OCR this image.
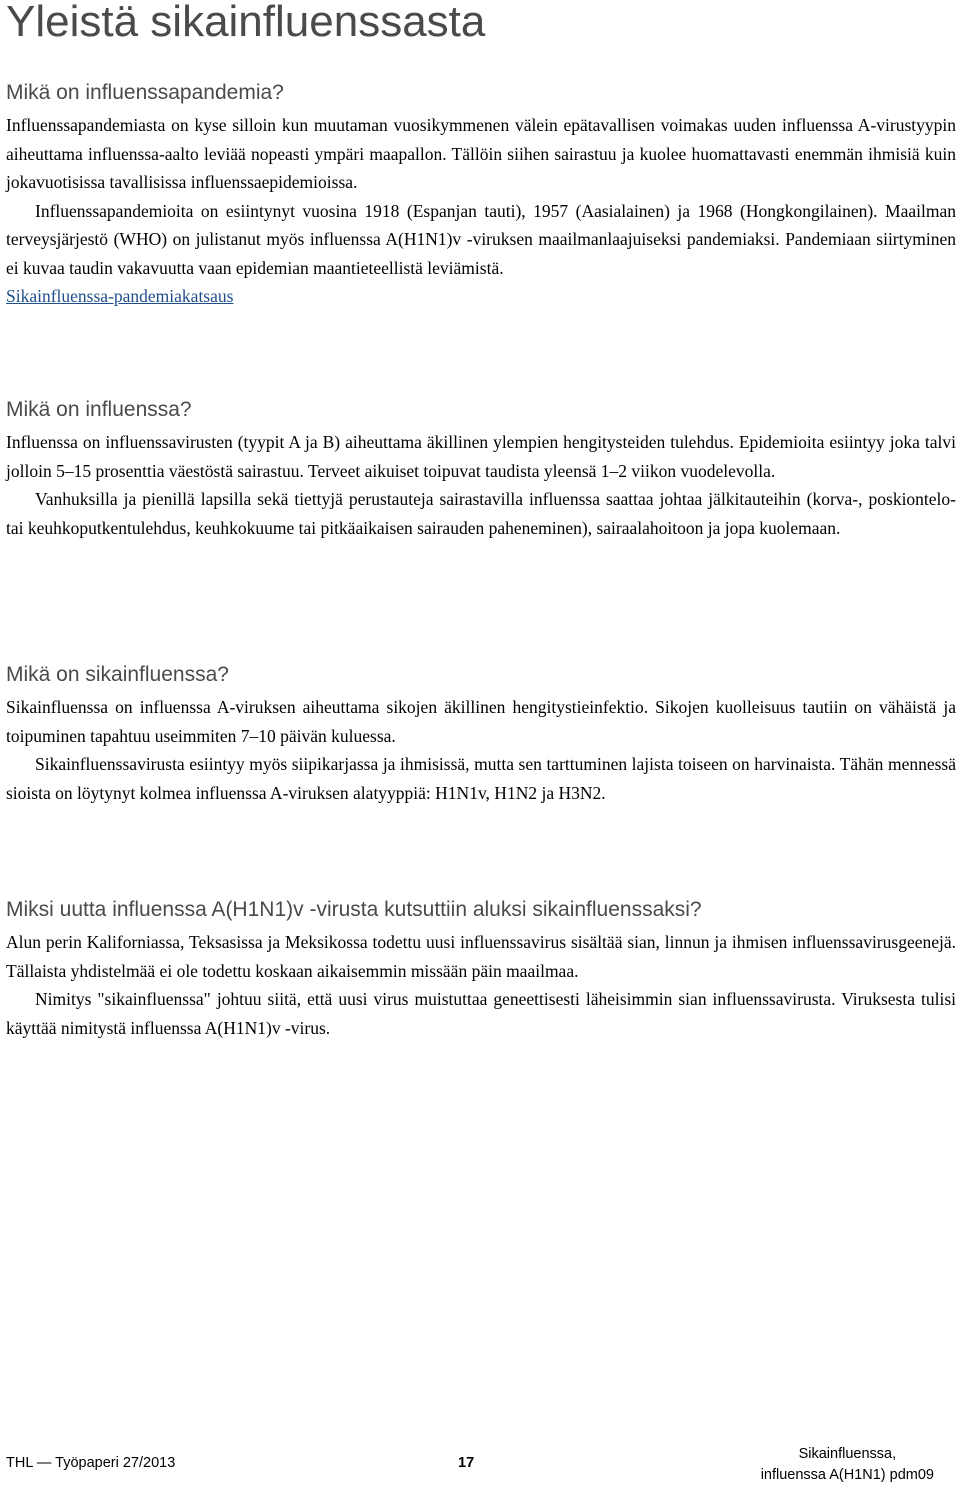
Yleistä sikainfluenssasta
Mikä on influenssapandemia?

Influenssapandemiasta on kyse silloin kun muutaman vuosikymmenen välein epätavallisen voimakas uuden influenssa A-virustyypin aiheuttama influenssa-aalto leviää nopeasti ympäri maapallon. Tällöin siihen sairastuu ja kuolee huomattavasti enemmän ihmisiä kuin jokavuotisissa tavallisissa influenssaepidemioissa.

Influenssapandemioita on esiintynyt vuosina 1918 (Espanjan tauti), 1957 (Aasialainen) ja 1968 (Hongkongilainen). Maailman terveysjärjestö (WHO) on julistanut myös influenssa A(H1N1)v -viruksen maailmanlaajuiseksi pandemiaksi. Pandemiaan siirtyminen ei kuvaa taudin vakavuutta vaan epidemian maantieteellistä leviämistä.

Sikainfluenssa-pandemiakatsaus

Mikä on influenssa?

Influenssa on influenssavirusten (tyypit A ja B) aiheuttama äkillinen ylempien hengitysteiden tulehdus. Epidemioita esiintyy joka talvi jolloin 5–15 prosenttia väestöstä sairastuu. Terveet aikuiset toipuvat taudista yleensä 1–2 viikon vuodelevolla.

Vanhuksilla ja pienillä lapsilla sekä tiettyjä perustauteja sairastavilla influenssa saattaa johtaa jälkitauteihin (korva-, poskiontelo- tai keuhkoputkentulehdus, keuhkokuume tai pitkäaikaisen sairauden paheneminen), sairaalahoitoon ja jopa kuolemaan.

Mikä on sikainfluenssa?

Sikainfluenssa on influenssa A-viruksen aiheuttama sikojen äkillinen hengitystieinfektio. Sikojen kuolleisuus tautiin on vähäistä ja toipuminen tapahtuu useimmiten 7–10 päivän kuluessa.

Sikainfluenssavirusta esiintyy myös siipikarjassa ja ihmisissä, mutta sen tarttuminen lajista toiseen on harvinaista. Tähän mennessä sioista on löytynyt kolmea influenssa A-viruksen alatyyppiä: H1N1v, H1N2 ja H3N2.

Miksi uutta influenssa A(H1N1)v -virusta kutsuttiin aluksi sikainfluenssaksi?

Alun perin Kaliforniassa, Teksasissa ja Meksikossa todettu uusi influenssavirus sisältää sian, linnun ja ihmisen influenssavirusgeenejä. Tällaista yhdistelmää ei ole todettu koskaan aikaisemmin missään päin maailmaa.

Nimitys "sikainfluenssa" johtuu siitä, että uusi virus muistuttaa geneettisesti läheisimmin sian influenssavirusta. Viruksesta tulisi käyttää nimitystä influenssa A(H1N1)v -virus.

THL — Työpaperi 27/2013	17
Sikainfluenssa,
influenssa A(H1N1) pdm09
